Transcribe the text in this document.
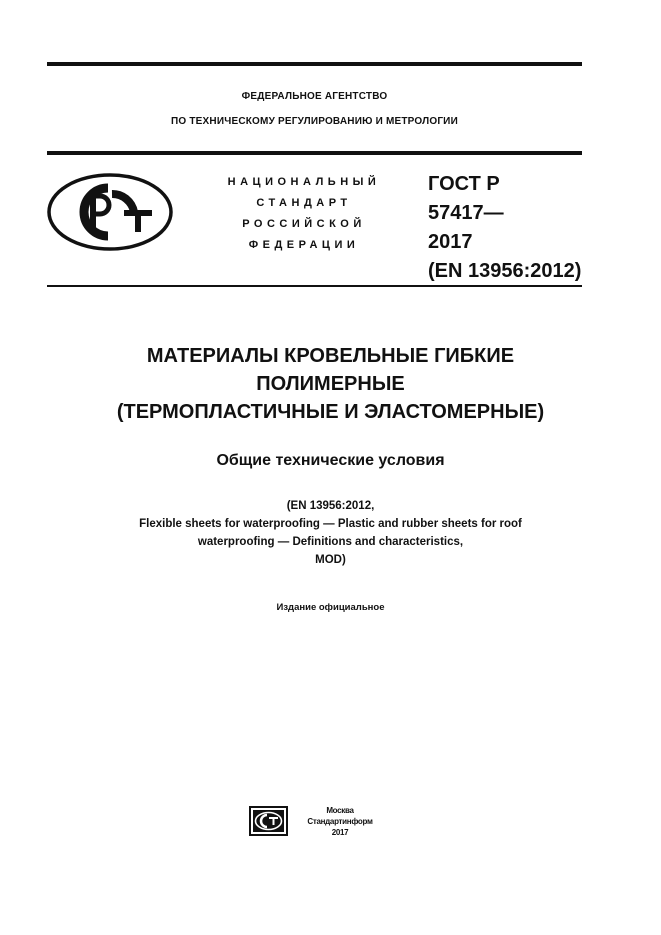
ФЕДЕРАЛЬНОЕ АГЕНТСТВО
ПО ТЕХНИЧЕСКОМУ РЕГУЛИРОВАНИЮ И МЕТРОЛОГИИ
НАЦИОНАЛЬНЫЙ
СТАНДАРТ
РОССИЙСКОЙ
ФЕДЕРАЦИИ
ГОСТ Р
57417—
2017
(EN 13956:2012)
МАТЕРИАЛЫ КРОВЕЛЬНЫЕ ГИБКИЕ
ПОЛИМЕРНЫЕ
(ТЕРМОПЛАСТИЧНЫЕ И ЭЛАСТОМЕРНЫЕ)
Общие технические условия
(EN 13956:2012,
Flexible sheets for waterproofing — Plastic and rubber sheets for roof
waterproofing — Definitions and characteristics,
MOD)
Издание официальное
Москва
Стандартинформ
2017
